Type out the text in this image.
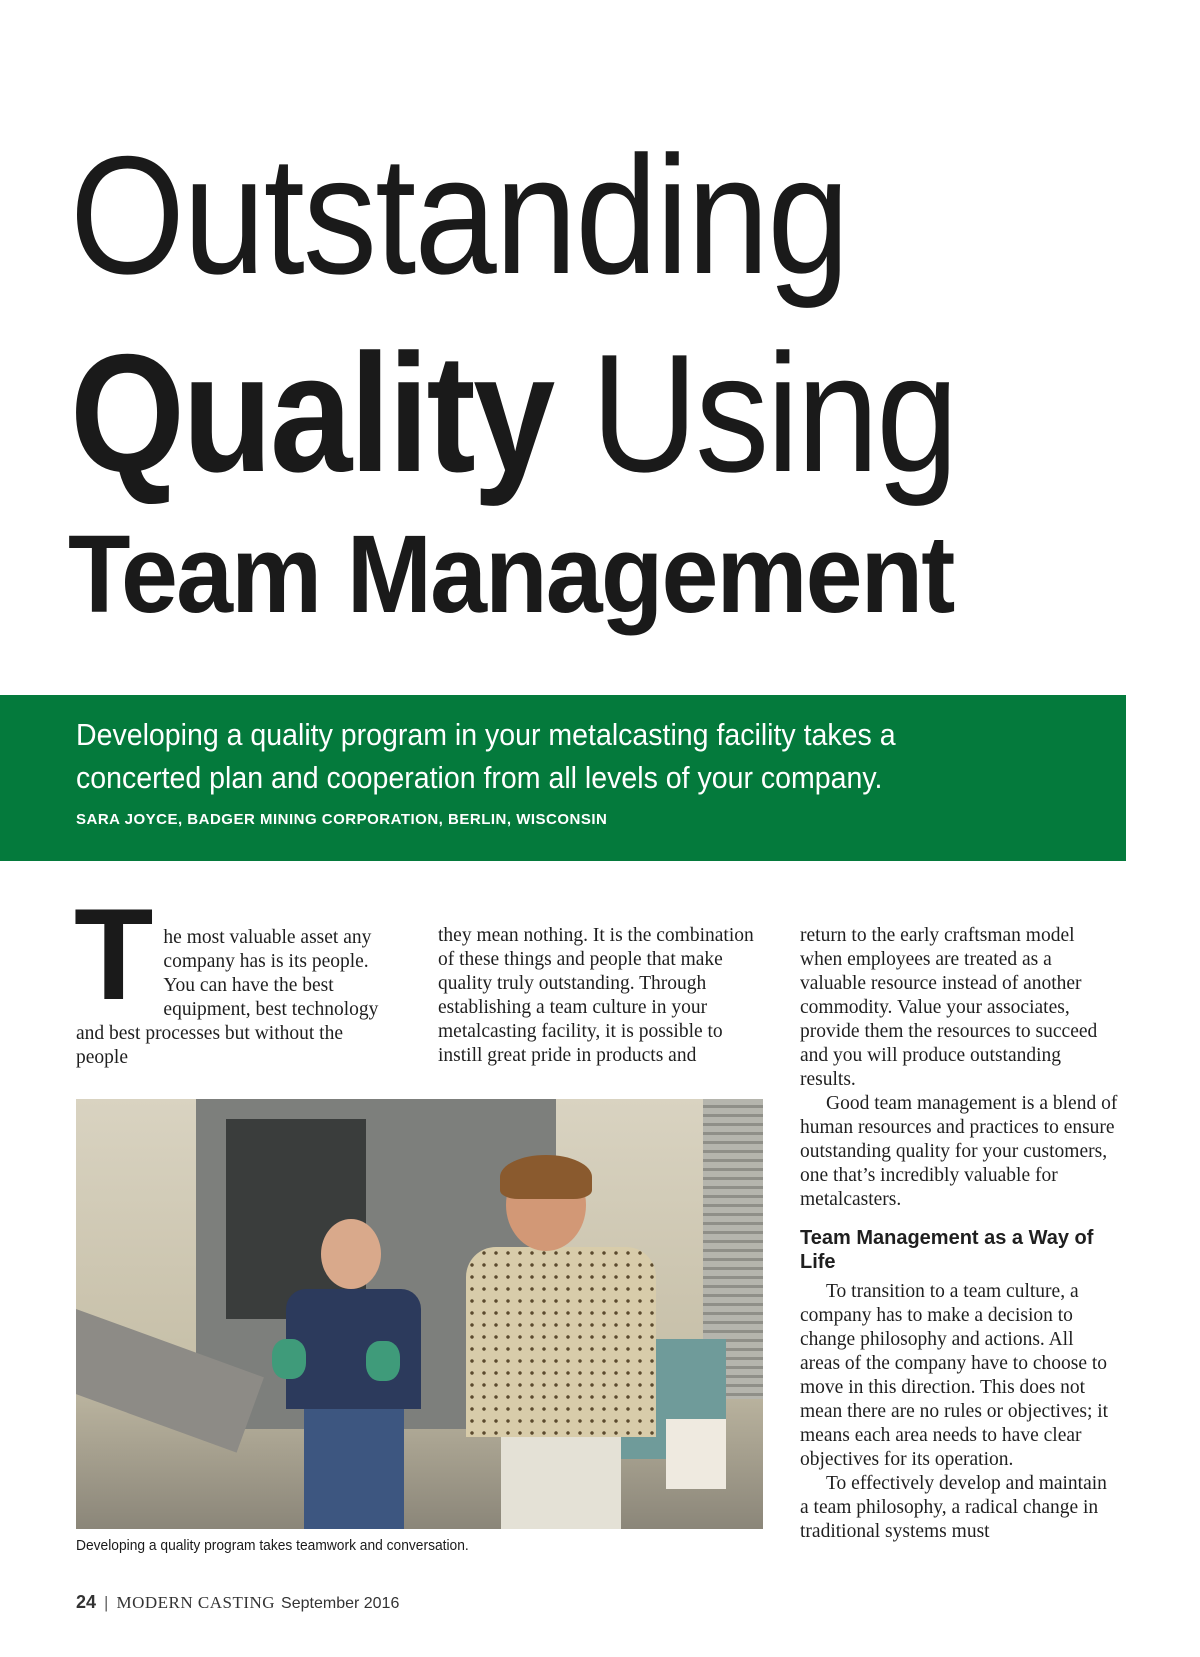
Outstanding
Quality Using
Team Management
Developing a quality program in your metalcasting facility takes a concerted plan and cooperation from all levels of your company.
SARA JOYCE, BADGER MINING CORPORATION, BERLIN, WISCONSIN
T he most valuable asset any company has is its people. You can have the best equipment, best technology and best processes but without the people

they mean nothing. It is the combination of these things and people that make quality truly outstanding. Through establishing a team culture in your metalcasting facility, it is possible to instill great pride in products and

return to the early craftsman model when employees are treated as a valuable resource instead of another commodity. Value your associates, provide them the resources to succeed and you will produce outstanding results.

Good team management is a blend of human resources and practices to ensure outstanding quality for your customers, one that’s incredibly valuable for metalcasters.

Team Management as a Way of Life

To transition to a team culture, a company has to make a decision to change philosophy and actions. All areas of the company have to choose to move in this direction. This does not mean there are no rules or objectives; it means each area needs to have clear objectives for its operation.

To effectively develop and maintain a team philosophy, a radical change in traditional systems must

Developing a quality program takes teamwork and conversation.
24 | MODERN CASTING September 2016
